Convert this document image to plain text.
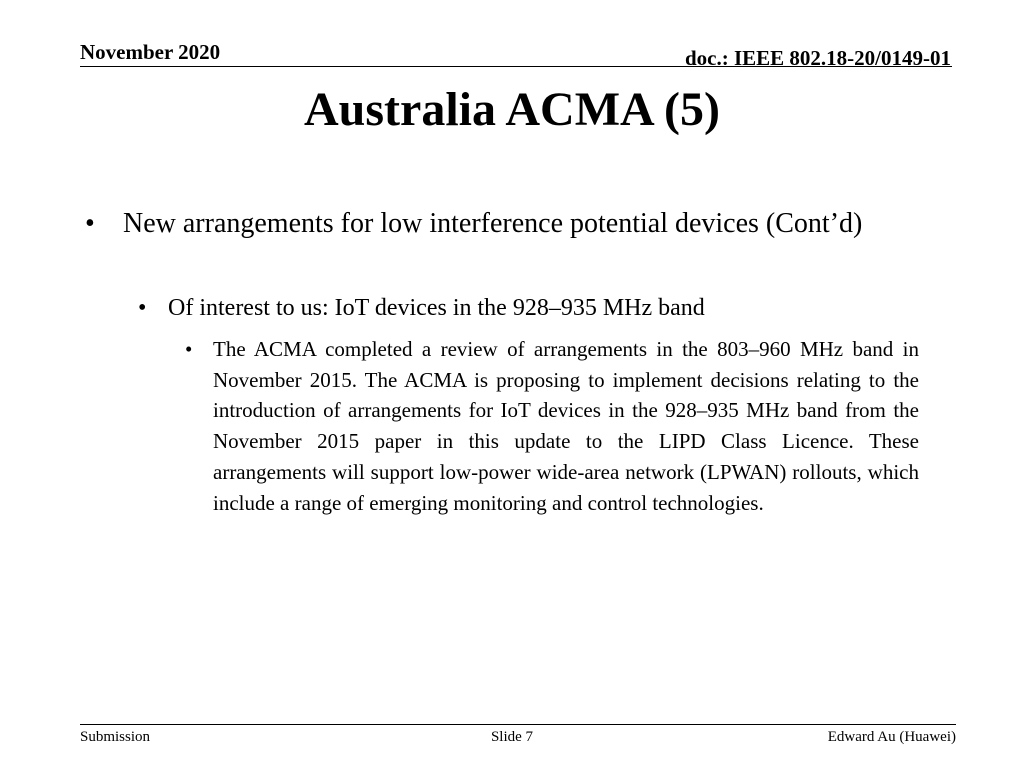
November 2020	doc.: IEEE 802.18-20/0149-01
Australia ACMA (5)
• New arrangements for low interference potential devices (Cont’d)
• Of interest to us: IoT devices in the 928–935 MHz band
• The ACMA completed a review of arrangements in the 803–960 MHz band in November 2015. The ACMA is proposing to implement decisions relating to the introduction of arrangements for IoT devices in the 928–935 MHz band from the November 2015 paper in this update to the LIPD Class Licence. These arrangements will support low-power wide-area network (LPWAN) rollouts, which include a range of emerging monitoring and control technologies.
Submission	Slide 7	Edward Au (Huawei)
